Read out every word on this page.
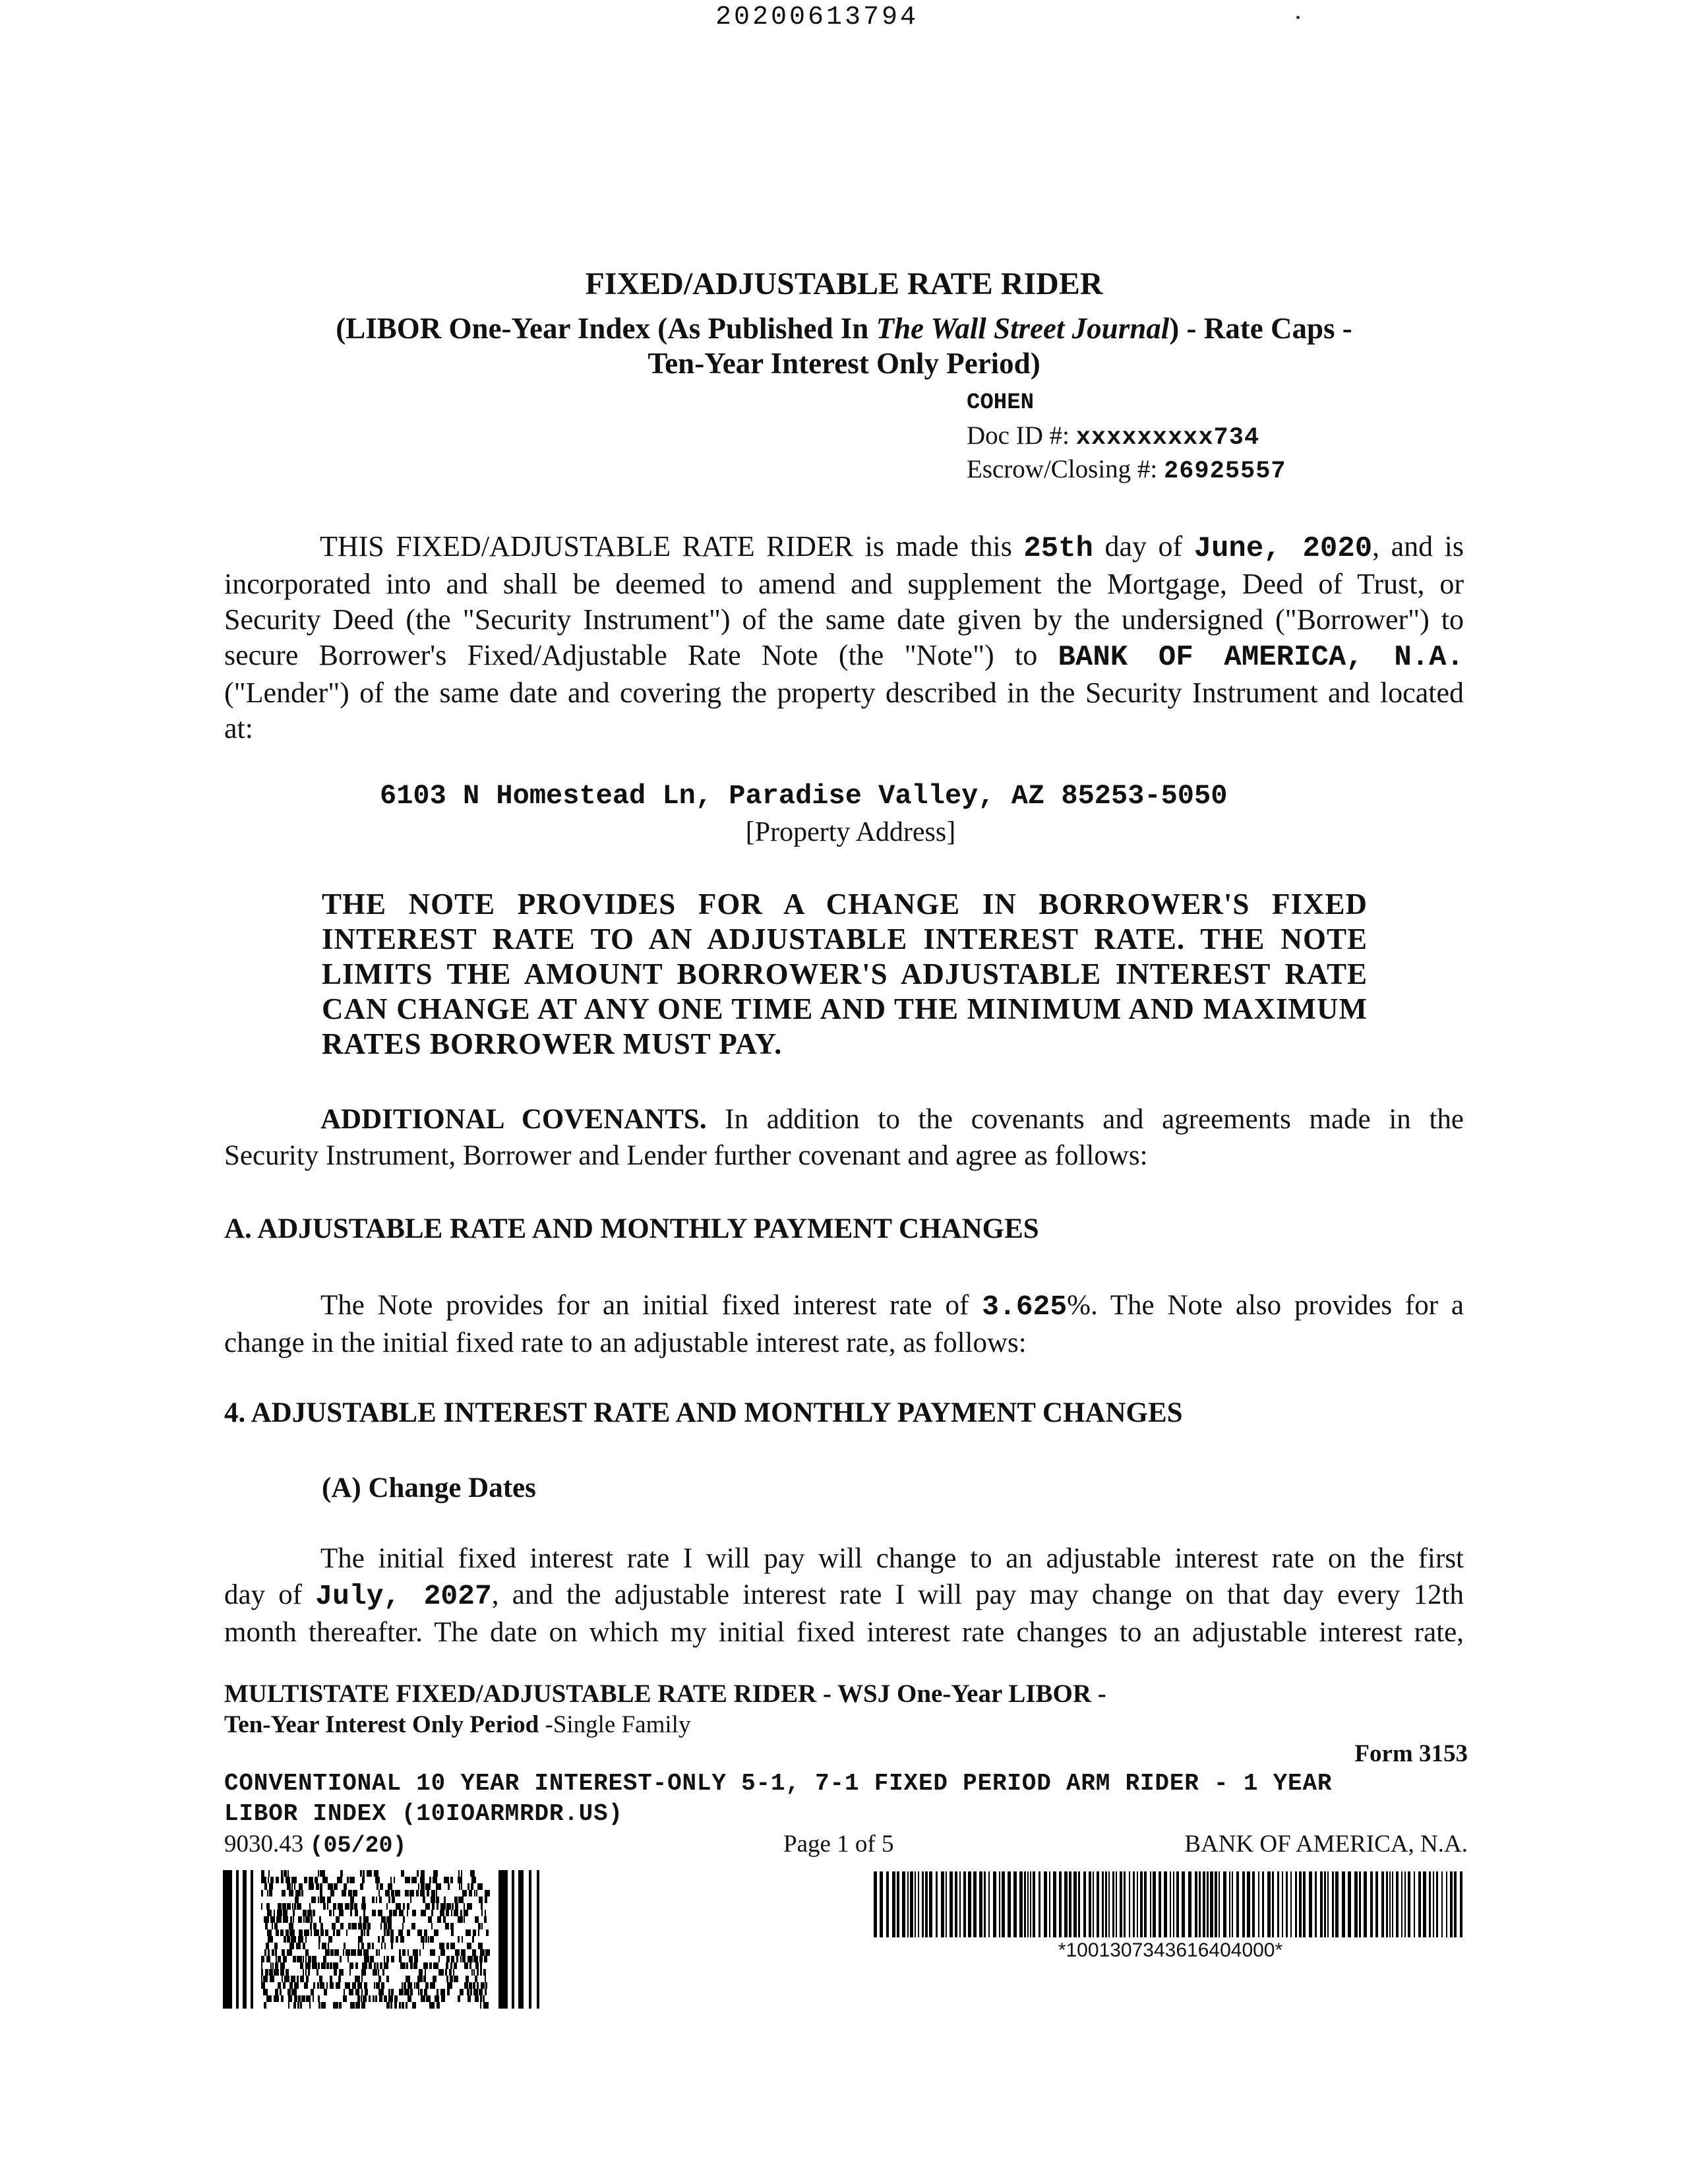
20200613794
FIXED/ADJUSTABLE RATE RIDER
(LIBOR One-Year Index (As Published In The Wall Street Journal) - Rate Caps -
Ten-Year Interest Only Period)
COHEN
Doc ID #: xxxxxxxxx734
Escrow/Closing #: 26925557
THIS FIXED/ADJUSTABLE RATE RIDER is made this 25th day of June, 2020, and is
incorporated into and shall be deemed to amend and supplement the Mortgage, Deed of Trust, or
Security Deed (the "Security Instrument") of the same date given by the undersigned ("Borrower") to
secure Borrower's Fixed/Adjustable Rate Note (the "Note") to BANK OF AMERICA, N.A.
("Lender") of the same date and covering the property described in the Security Instrument and located
at:
6103 N Homestead Ln, Paradise Valley, AZ 85253-5050
[Property Address]
THE NOTE PROVIDES FOR A CHANGE IN BORROWER'S FIXED
INTEREST RATE TO AN ADJUSTABLE INTEREST RATE. THE NOTE
LIMITS THE AMOUNT BORROWER'S ADJUSTABLE INTEREST RATE
CAN CHANGE AT ANY ONE TIME AND THE MINIMUM AND MAXIMUM
RATES BORROWER MUST PAY.
ADDITIONAL COVENANTS. In addition to the covenants and agreements made in the
Security Instrument, Borrower and Lender further covenant and agree as follows:
A. ADJUSTABLE RATE AND MONTHLY PAYMENT CHANGES
The Note provides for an initial fixed interest rate of 3.625%. The Note also provides for a
change in the initial fixed rate to an adjustable interest rate, as follows:
4. ADJUSTABLE INTEREST RATE AND MONTHLY PAYMENT CHANGES
(A) Change Dates
The initial fixed interest rate I will pay will change to an adjustable interest rate on the first
day of July, 2027, and the adjustable interest rate I will pay may change on that day every 12th
month thereafter. The date on which my initial fixed interest rate changes to an adjustable interest rate,
MULTISTATE FIXED/ADJUSTABLE RATE RIDER - WSJ One-Year LIBOR -
Ten-Year Interest Only Period -Single Family
Form 3153
CONVENTIONAL 10 YEAR INTEREST-ONLY 5-1, 7-1 FIXED PERIOD ARM RIDER - 1 YEAR
LIBOR INDEX (10IOARMRDR.US)
9030.43 (05/20)	Page 1 of 5	BANK OF AMERICA, N.A.
*1001307343616404000*
